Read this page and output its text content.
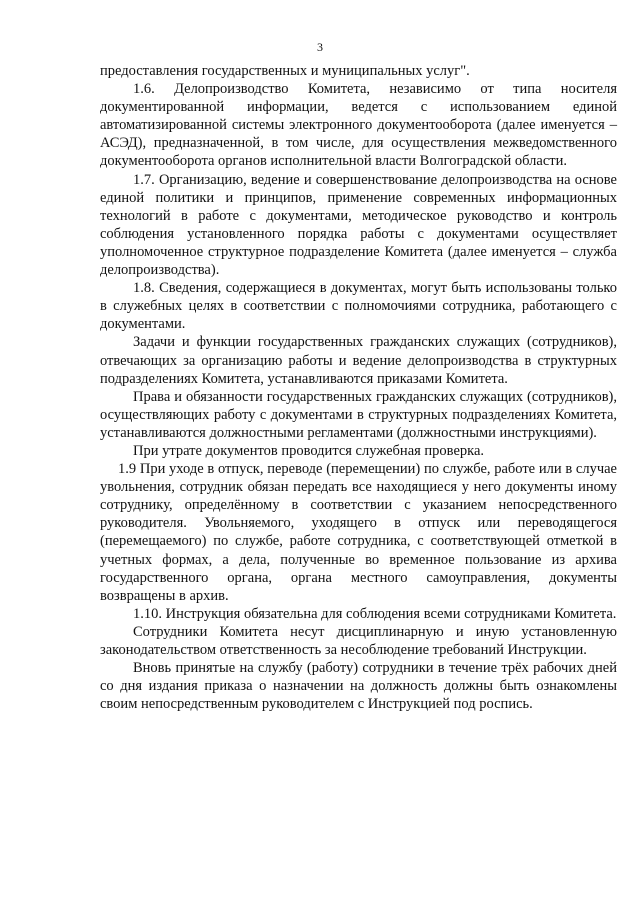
3

предоставления государственных и муниципальных услуг".

1.6. Делопроизводство Комитета, независимо от типа носителя документированной информации, ведется с использованием единой автоматизированной системы электронного документооборота (далее именуется – АСЭД), предназначенной, в том числе, для осуществления межведомственного документооборота органов исполнительной власти Волгоградской области.

1.7. Организацию, ведение и совершенствование делопроизводства на основе единой политики и принципов, применение современных информационных технологий в работе с документами, методическое руководство и контроль соблюдения установленного порядка работы с документами осуществляет уполномоченное структурное подразделение Комитета (далее именуется – служба делопроизводства).

1.8. Сведения, содержащиеся в документах, могут быть использованы только в служебных целях в соответствии с полномочиями сотрудника, работающего с документами.

Задачи и функции государственных гражданских служащих (сотрудников), отвечающих за организацию работы и ведение делопроизводства в структурных подразделениях Комитета, устанавливаются приказами Комитета.

Права и обязанности государственных гражданских служащих (сотрудников), осуществляющих работу с документами в структурных подразделениях Комитета, устанавливаются должностными регламентами (должностными инструкциями).

При утрате документов проводится служебная проверка.

1.9 При уходе в отпуск, переводе (перемещении) по службе, работе или в случае увольнения, сотрудник обязан передать все находящиеся у него документы иному сотруднику, определённому в соответствии с указанием непосредственного руководителя. Увольняемого, уходящего в отпуск или переводящегося (перемещаемого) по службе, работе сотрудника, с соответствующей отметкой в учетных формах, а дела, полученные во временное пользование из архива государственного органа, органа местного самоуправления, документы возвращены в архив.

1.10. Инструкция обязательна для соблюдения всеми сотрудниками Комитета.

Сотрудники Комитета несут дисциплинарную и иную установленную законодательством ответственность за несоблюдение требований Инструкции.

Вновь принятые на службу (работу) сотрудники в течение трёх рабочих дней со дня издания приказа о назначении на должность должны быть ознакомлены своим непосредственным руководителем с Инструкцией под роспись.
